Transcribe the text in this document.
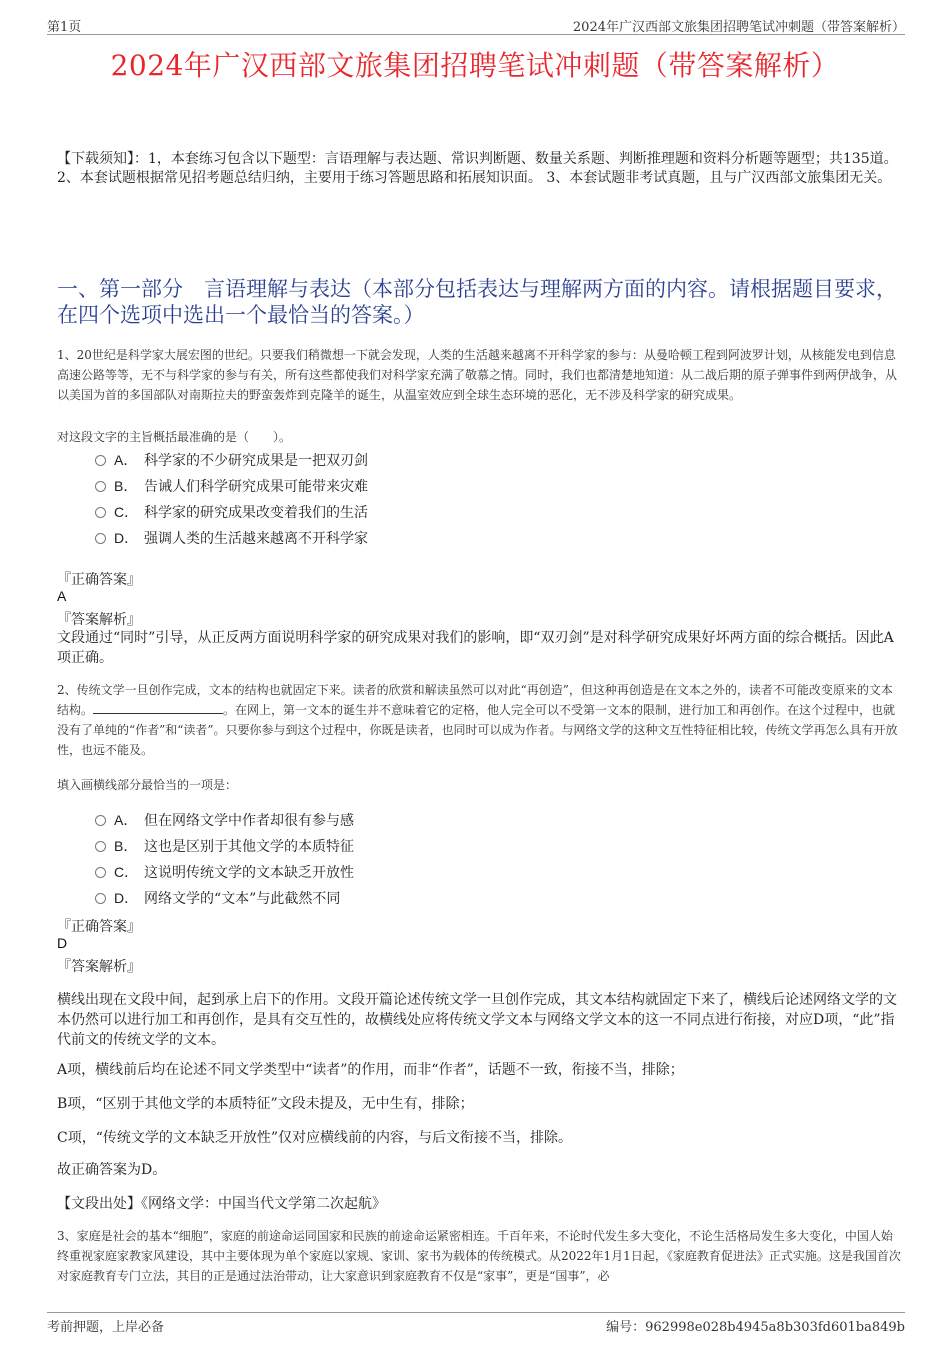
第1页	2024年广汉西部文旅集团招聘笔试冲刺题（带答案解析）
2024年广汉西部文旅集团招聘笔试冲刺题（带答案解析）
【下载须知】：1，本套练习包含以下题型：言语理解与表达题、常识判断题、数量关系题、判断推理题和资料分析题等题型；共135道。 2、本套试题根据常见招考题总结归纳，主要用于练习答题思路和拓展知识面。 3、本套试题非考试真题，且与广汉西部文旅集团无关。
一、第一部分　言语理解与表达（本部分包括表达与理解两方面的内容。请根据题目要求，在四个选项中选出一个最恰当的答案。）
1、20世纪是科学家大展宏图的世纪。只要我们稍微想一下就会发现，人类的生活越来越离不开科学家的参与：从曼哈顿工程到阿波罗计划，从核能发电到信息高速公路等等，无不与科学家的参与有关，所有这些都使我们对科学家充满了敬慕之情。同时，我们也都清楚地知道：从二战后期的原子弹事件到两伊战争，从以美国为首的多国部队对南斯拉夫的野蛮轰炸到克隆羊的诞生，从温室效应到全球生态环境的恶化，无不涉及科学家的研究成果。
对这段文字的主旨概括最准确的是（　　）。
A． 科学家的不少研究成果是一把双刃剑
B． 告诫人们科学研究成果可能带来灾难
C． 科学家的研究成果改变着我们的生活
D． 强调人类的生活越来越离不开科学家
『正确答案』
A
『答案解析』
文段通过“同时”引导，从正反两方面说明科学家的研究成果对我们的影响，即“双刃剑”是对科学研究成果好坏两方面的综合概括。因此A项正确。
2、传统文学一旦创作完成，文本的结构也就固定下来。读者的欣赏和解读虽然可以对此“再创造”，但这种再创造是在文本之外的，读者不可能改变原来的文本结构。	。在网上，第一文本的诞生并不意味着它的定格，他人完全可以不受第一文本的限制，进行加工和再创作。在这个过程中，也就没有了单纯的“作者”和“读者”。只要你参与到这个过程中，你既是读者，也同时可以成为作者。与网络文学的这种文互性特征相比较，传统文学再怎么具有开放性，也远不能及。
填入画横线部分最恰当的一项是：
A． 但在网络文学中作者却很有参与感
B． 这也是区别于其他文学的本质特征
C． 这说明传统文学的文本缺乏开放性
D． 网络文学的“文本”与此截然不同
『正确答案』
D
『答案解析』
横线出现在文段中间，起到承上启下的作用。文段开篇论述传统文学一旦创作完成，其文本结构就固定下来了，横线后论述网络文学的文本仍然可以进行加工和再创作，是具有交互性的，故横线处应将传统文学文本与网络文学文本的这一不同点进行衔接，对应D项，“此”指代前文的传统文学的文本。
A项，横线前后均在论述不同文学类型中“读者”的作用，而非“作者”，话题不一致，衔接不当，排除；
B项，“区别于其他文学的本质特征”文段未提及，无中生有，排除；
C项，“传统文学的文本缺乏开放性”仅对应横线前的内容，与后文衔接不当，排除。
故正确答案为D。
【文段出处】《网络文学：中国当代文学第二次起航》
3、家庭是社会的基本“细胞”，家庭的前途命运同国家和民族的前途命运紧密相连。千百年来，不论时代发生多大变化，不论生活格局发生多大变化，中国人始终重视家庭家教家风建设，其中主要体现为单个家庭以家规、家训、家书为载体的传统模式。从2022年1月1日起，《家庭教育促进法》正式实施。这是我国首次对家庭教育专门立法，其目的正是通过法治带动，让大家意识到家庭教育不仅是“家事”，更是“国事”，必
考前押题，上岸必备	编号：962998e028b4945a8b303fd601ba849b
